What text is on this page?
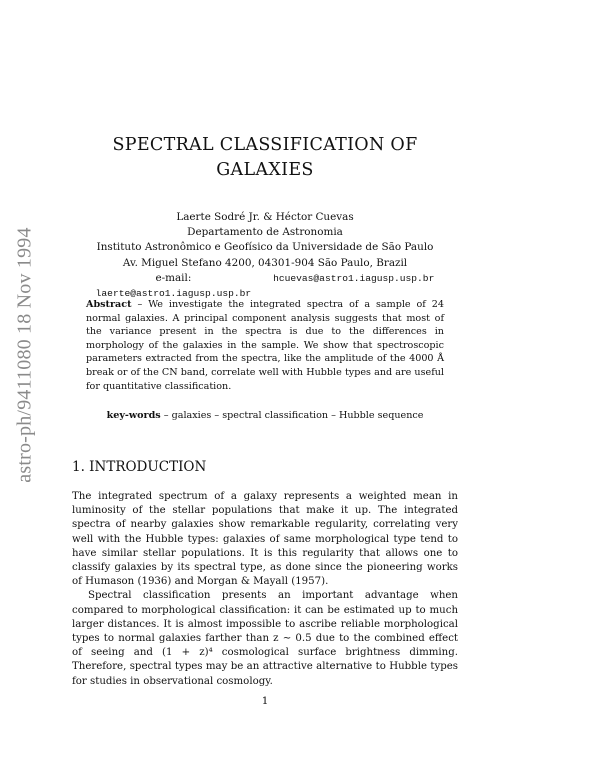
astro-ph/9411080 18 Nov 1994
SPECTRAL CLASSIFICATION OF
GALAXIES
Laerte Sodré Jr. & Héctor Cuevas
Departamento de Astronomia
Instituto Astronômico e Geofísico da Universidade de São Paulo
Av. Miguel Stefano 4200, 04301-904 São Paulo, Brazil
e-mail:
laerte@astro1.iagusp.usp.br
hcuevas@astro1.iagusp.usp.br
Abstract – We investigate the integrated spectra of a sample of 24 normal galaxies. A principal component analysis suggests that most of the variance present in the spectra is due to the differences in morphology of the galaxies in the sample. We show that spectroscopic parameters extracted from the spectra, like the amplitude of the 4000 Å break or of the CN band, correlate well with Hubble types and are useful for quantitative classification.
key-words – galaxies – spectral classification – Hubble sequence
1. INTRODUCTION

The integrated spectrum of a galaxy represents a weighted mean in luminosity of the stellar populations that make it up. The integrated spectra of nearby galaxies show remarkable regularity, correlating very well with the Hubble types: galaxies of same morphological type tend to have similar stellar populations. It is this regularity that allows one to classify galaxies by its spectral type, as done since the pioneering works of Humason (1936) and Morgan & Mayall (1957).

Spectral classification presents an important advantage when compared to morphological classification: it can be estimated up to much larger distances. It is almost impossible to ascribe reliable morphological types to normal galaxies farther than z ∼ 0.5 due to the combined effect of seeing and (1 + z)⁴ cosmological surface brightness dimming. Therefore, spectral types may be an attractive alternative to Hubble types for studies in observational cosmology.

1
